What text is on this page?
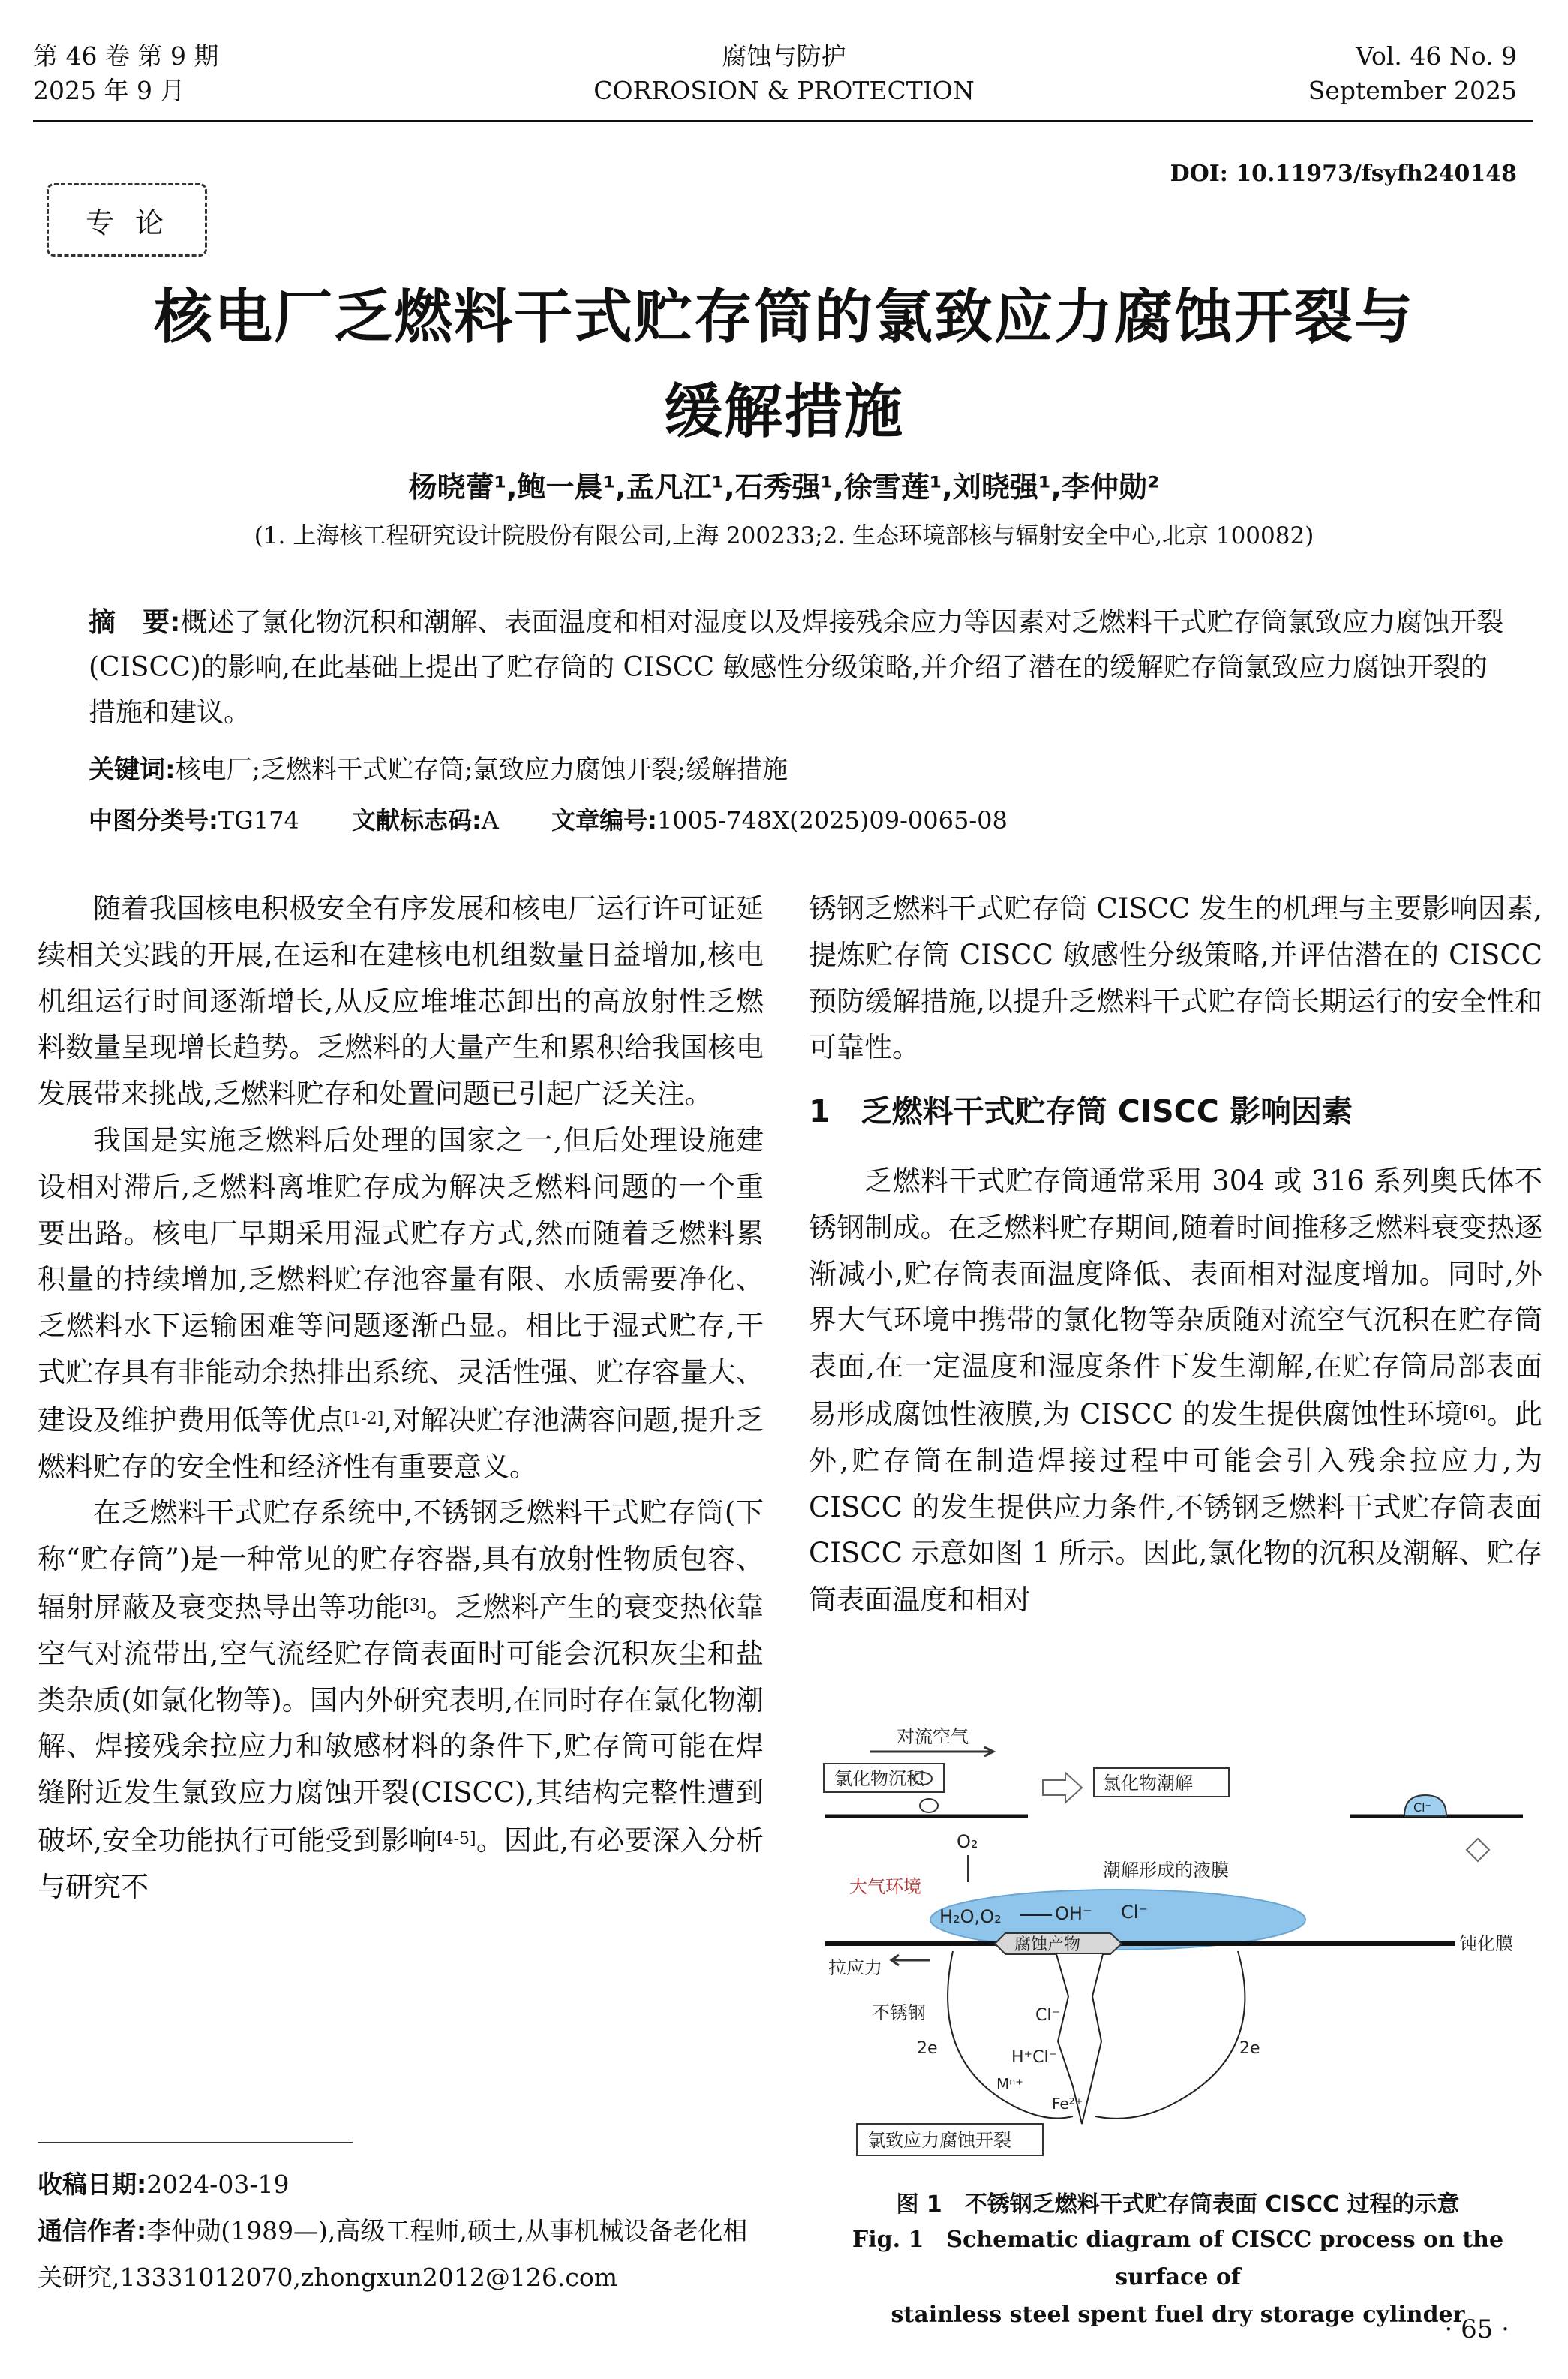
第 46 卷 第 9 期
2025 年 9 月
腐蚀与防护
CORROSION & PROTECTION
Vol. 46 No. 9
September 2025
DOI: 10.11973/fsyfh240148
专论
核电厂乏燃料干式贮存筒的氯致应力腐蚀开裂与
缓解措施
杨晓蕾¹,鲍一晨¹,孟凡江¹,石秀强¹,徐雪莲¹,刘晓强¹,李仲勋²
(1. 上海核工程研究设计院股份有限公司,上海 200233;2. 生态环境部核与辐射安全中心,北京 100082)
摘　要:概述了氯化物沉积和潮解、表面温度和相对湿度以及焊接残余应力等因素对乏燃料干式贮存筒氯致应力腐蚀开裂(CISCC)的影响,在此基础上提出了贮存筒的 CISCC 敏感性分级策略,并介绍了潜在的缓解贮存筒氯致应力腐蚀开裂的措施和建议。
关键词:核电厂;乏燃料干式贮存筒;氯致应力腐蚀开裂;缓解措施
中图分类号:TG174 文献标志码:A 文章编号:1005-748X(2025)09-0065-08

随着我国核电积极安全有序发展和核电厂运行许可证延续相关实践的开展,在运和在建核电机组数量日益增加,核电机组运行时间逐渐增长,从反应堆堆芯卸出的高放射性乏燃料数量呈现增长趋势。乏燃料的大量产生和累积给我国核电发展带来挑战,乏燃料贮存和处置问题已引起广泛关注。

我国是实施乏燃料后处理的国家之一,但后处理设施建设相对滞后,乏燃料离堆贮存成为解决乏燃料问题的一个重要出路。核电厂早期采用湿式贮存方式,然而随着乏燃料累积量的持续增加,乏燃料贮存池容量有限、水质需要净化、乏燃料水下运输困难等问题逐渐凸显。相比于湿式贮存,干式贮存具有非能动余热排出系统、灵活性强、贮存容量大、建设及维护费用低等优点[1-2],对解决贮存池满容问题,提升乏燃料贮存的安全性和经济性有重要意义。

在乏燃料干式贮存系统中,不锈钢乏燃料干式贮存筒(下称“贮存筒”)是一种常见的贮存容器,具有放射性物质包容、辐射屏蔽及衰变热导出等功能[3]。乏燃料产生的衰变热依靠空气对流带出,空气流经贮存筒表面时可能会沉积灰尘和盐类杂质(如氯化物等)。国内外研究表明,在同时存在氯化物潮解、焊接残余拉应力和敏感材料的条件下,贮存筒可能在焊缝附近发生氯致应力腐蚀开裂(CISCC),其结构完整性遭到破坏,安全功能执行可能受到影响[4-5]。因此,有必要深入分析与研究不

收稿日期:2024-03-19
通信作者:李仲勋(1989—),高级工程师,硕士,从事机械设备老化相关研究,13331012070,zhongxun2012@126.com

锈钢乏燃料干式贮存筒 CISCC 发生的机理与主要影响因素,提炼贮存筒 CISCC 敏感性分级策略,并评估潜在的 CISCC 预防缓解措施,以提升乏燃料干式贮存筒长期运行的安全性和可靠性。

1　乏燃料干式贮存筒 CISCC 影响因素

乏燃料干式贮存筒通常采用 304 或 316 系列奥氏体不锈钢制成。在乏燃料贮存期间,随着时间推移乏燃料衰变热逐渐减小,贮存筒表面温度降低、表面相对湿度增加。同时,外界大气环境中携带的氯化物等杂质随对流空气沉积在贮存筒表面,在一定温度和湿度条件下发生潮解,在贮存筒局部表面易形成腐蚀性液膜,为 CISCC 的发生提供腐蚀性环境[6]。此外,贮存筒在制造焊接过程中可能会引入残余拉应力,为 CISCC 的发生提供应力条件,不锈钢乏燃料干式贮存筒表面 CISCC 示意如图 1 所示。因此,氯化物的沉积及潮解、贮存筒表面温度和相对

对流空气
氯化物沉积	氯化物潮解
Cl⁻
O₂
潮解形成的液膜
大气环境
H₂O,O₂	OH⁻ Cl⁻
钝化膜
腐蚀产物
拉应力
不锈钢	Cl⁻
2e	2e
H⁺Cl⁻
Mⁿ⁺
Fe²⁺
氯致应力腐蚀开裂
图 1　不锈钢乏燃料干式贮存筒表面 CISCC 过程的示意
Fig. 1　Schematic diagram of CISCC process on the surface of
stainless steel spent fuel dry storage cylinder
· 65 ·
